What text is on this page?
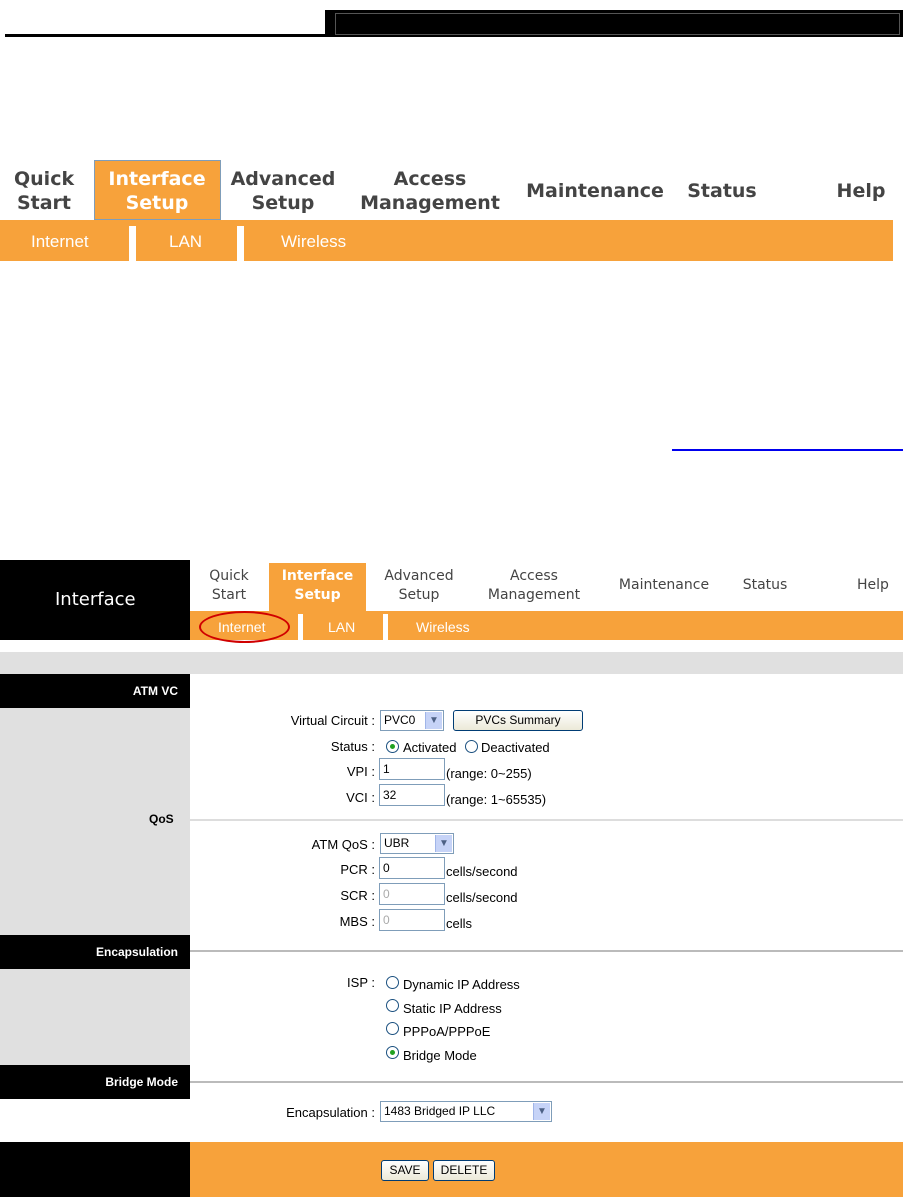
Quick
Start
Interface
Setup
Advanced
Setup
Access
Management
Maintenance Status	Help
Internet	LAN	Wireless
Interface
Quick
Start
Interface
Setup
Advanced
Setup
Access
Management
Maintenance	Status	Help
Internet	LAN	Wireless
ATM VC
QoS
Encapsulation
Bridge Mode
Virtual Circuit : PVC0	▼	PVCs Summary
Status : Activated Deactivated
VPI : 1	(range: 0~255)
VCI : 32	(range: 1~65535)
ATM QoS : UBR	▼
PCR : 0	cells/second
SCR : 0	cells/second
MBS : 0	cells
ISP : Dynamic IP Address
Static IP Address
PPPoA/PPPoE
Bridge Mode
Encapsulation : 1483 Bridged IP LLC	▼
SAVE	DELETE
